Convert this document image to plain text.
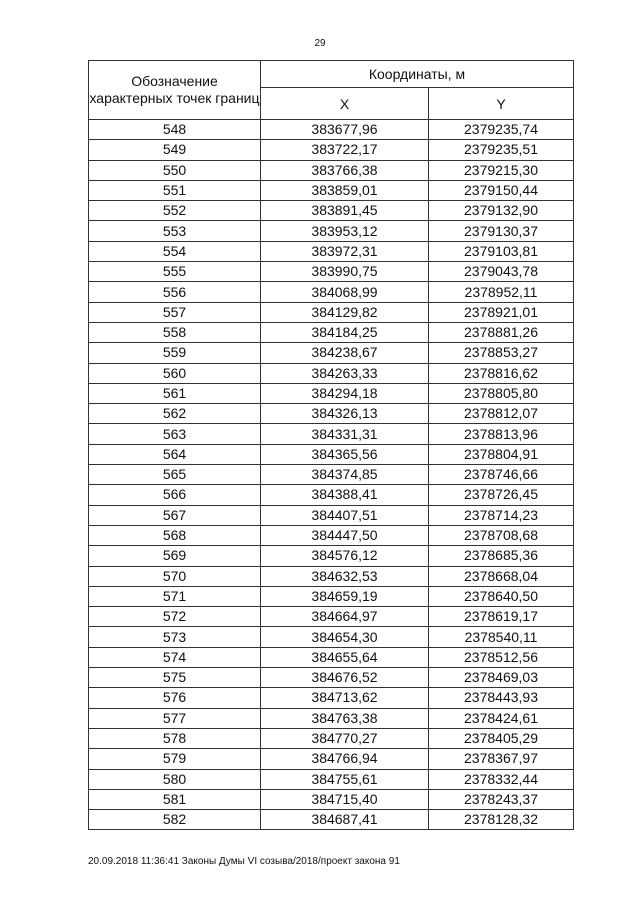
29
Обозначение характерных точек границ	Координаты, м	
	X	Y
548	383677,96	2379235,74
549	383722,17	2379235,51
550	383766,38	2379215,30
551	383859,01	2379150,44
552	383891,45	2379132,90
553	383953,12	2379130,37
554	383972,31	2379103,81
555	383990,75	2379043,78
556	384068,99	2378952,11
557	384129,82	2378921,01
558	384184,25	2378881,26
559	384238,67	2378853,27
560	384263,33	2378816,62
561	384294,18	2378805,80
562	384326,13	2378812,07
563	384331,31	2378813,96
564	384365,56	2378804,91
565	384374,85	2378746,66
566	384388,41	2378726,45
567	384407,51	2378714,23
568	384447,50	2378708,68
569	384576,12	2378685,36
570	384632,53	2378668,04
571	384659,19	2378640,50
572	384664,97	2378619,17
573	384654,30	2378540,11
574	384655,64	2378512,56
575	384676,52	2378469,03
576	384713,62	2378443,93
577	384763,38	2378424,61
578	384770,27	2378405,29
579	384766,94	2378367,97
580	384755,61	2378332,44
581	384715,40	2378243,37
582	384687,41	2378128,32
20.09.2018 11:36:41 Законы Думы VI созыва/2018/проект закона 91
